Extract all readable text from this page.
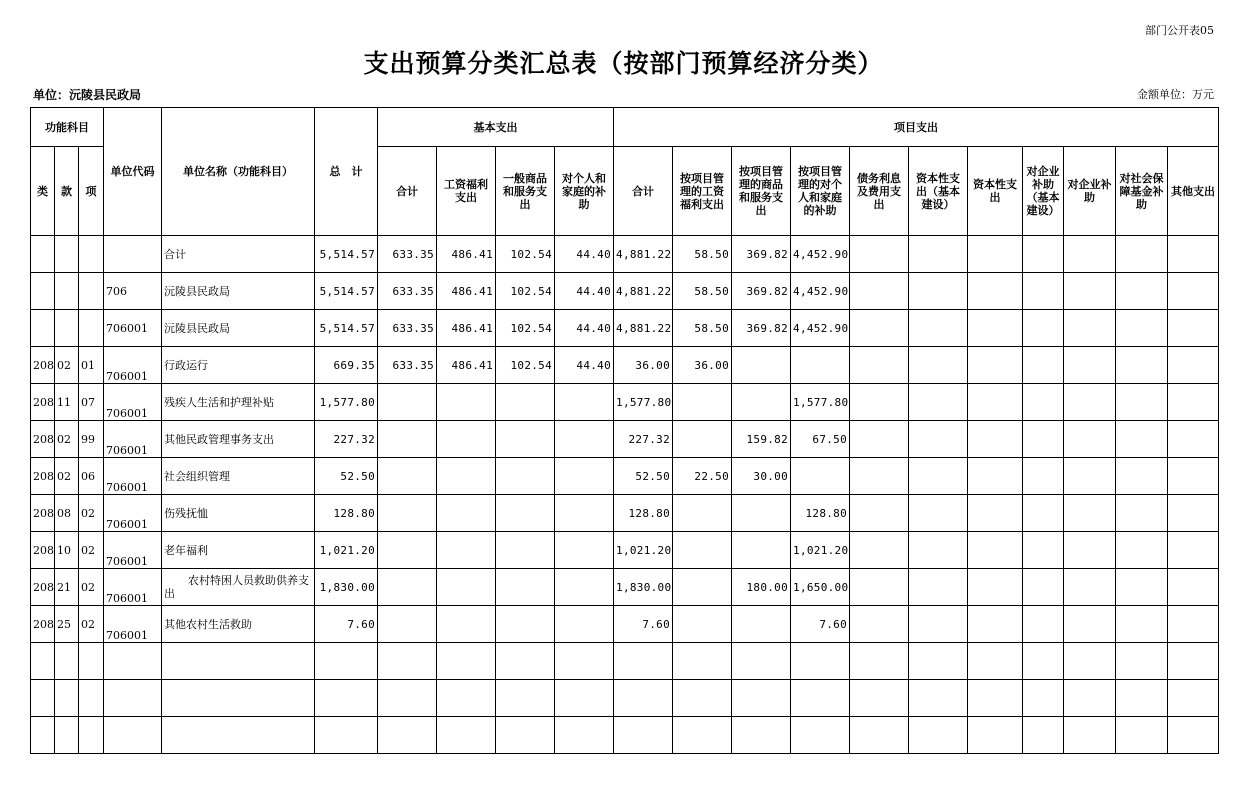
部门公开表05
支出预算分类汇总表（按部门预算经济分类）
单位：沅陵县民政局	金额单位：万元
功能科目			单位代码	单位名称（功能科目）	总　计	基本支出				项目支出											
类	款	项				合计	工资福利支出	一般商品和服务支出	对个人和家庭的补助	合计	按项目管理的工资福利支出	按项目管理的商品和服务支出	按项目管理的对个人和家庭的补助	债务利息及费用支出	资本性支出（基本建设）	资本性支出	对企业补助（基本建设）	对企业补助	对社会保障基金补助	其他支出	
				合计	5,514.57	633.35	486.41	102.54	44.40	4,881.22	58.50	369.82	4,452.90								
			706	沅陵县民政局	5,514.57	633.35	486.41	102.54	44.40	4,881.22	58.50	369.82	4,452.90								
			706001	沅陵县民政局	5,514.57	633.35	486.41	102.54	44.40	4,881.22	58.50	369.82	4,452.90								
208	02	01	706001	行政运行	669.35	633.35	486.41	102.54	44.40	36.00	36.00										
208	11	07	706001	残疾人生活和护理补贴	1,577.80					1,577.80			1,577.80								
208	02	99	706001	其他民政管理事务支出	227.32					227.32		159.82	67.50								
208	02	06	706001	社会组织管理	52.50					52.50	22.50	30.00									
208	08	02	706001	伤残抚恤	128.80					128.80			128.80								
208	10	02	706001	老年福利	1,021.20					1,021.20			1,021.20								
208	21	02	706001	农村特困人员救助供养支出	1,830.00					1,830.00		180.00	1,650.00								
208	25	02	706001	其他农村生活救助	7.60					7.60			7.60								
